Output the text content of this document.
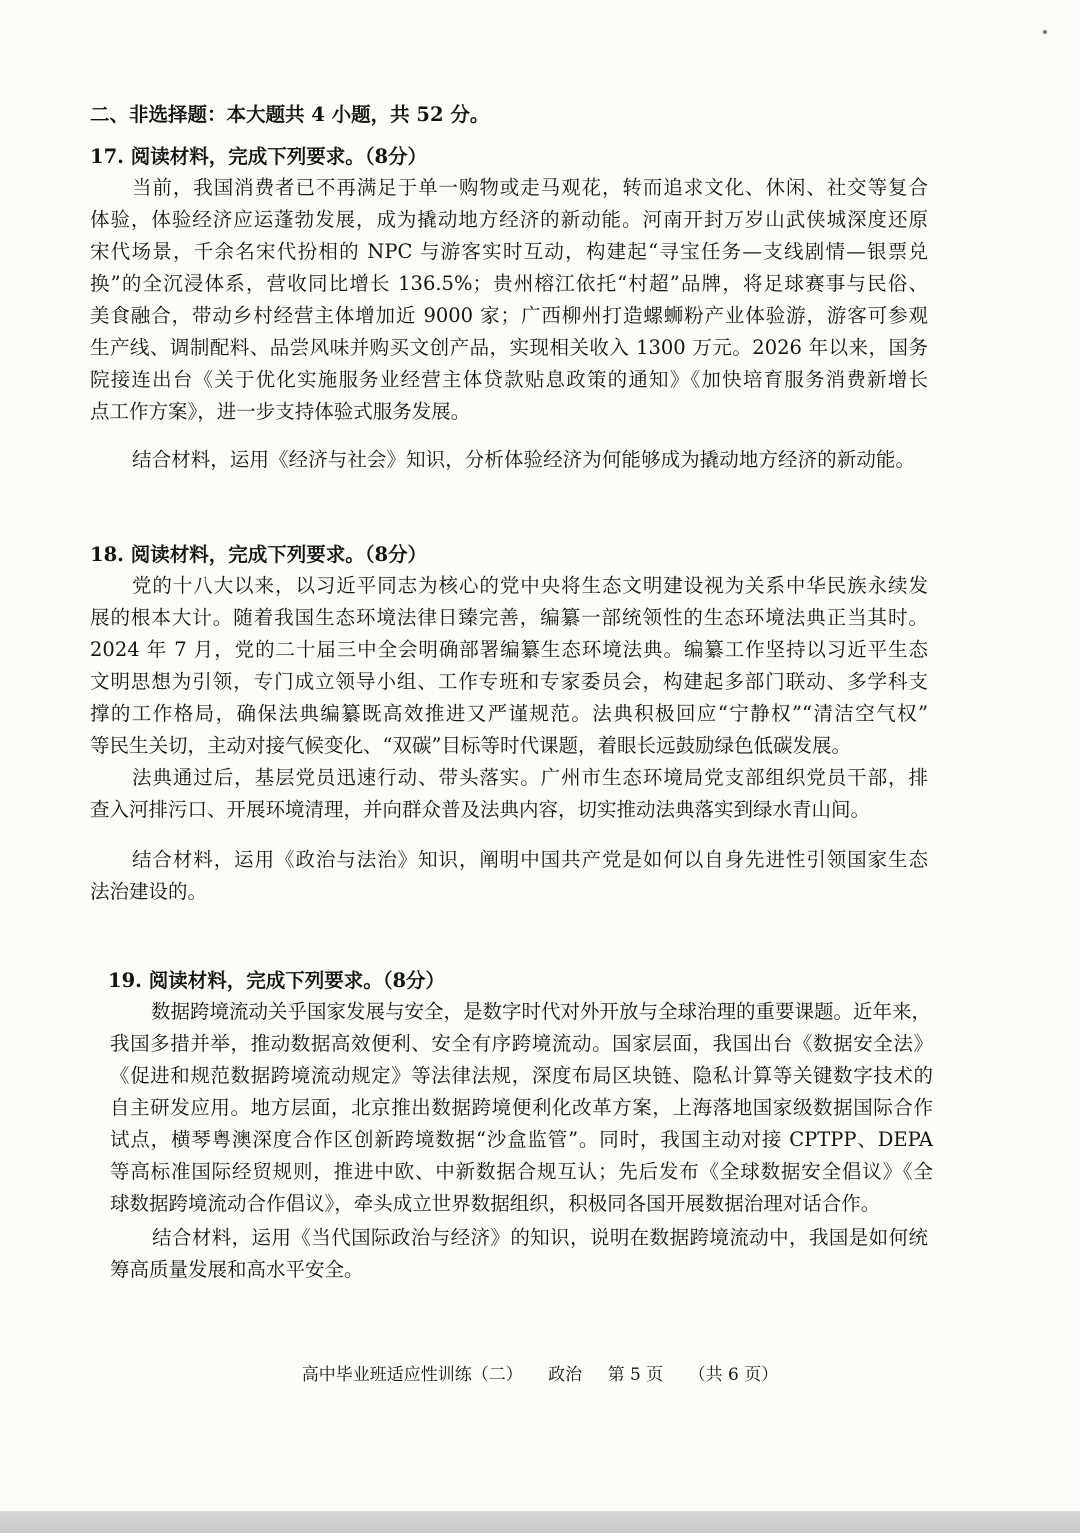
二、非选择题：本大题共 4 小题，共 52 分。
17. 阅读材料，完成下列要求。（8分）
当前，我国消费者已不再满足于单一购物或走马观花，转而追求文化、休闲、社交等复合
体验，体验经济应运蓬勃发展，成为撬动地方经济的新动能。河南开封万岁山武侠城深度还原
宋代场景，千余名宋代扮相的 NPC 与游客实时互动，构建起“寻宝任务—支线剧情—银票兑
换”的全沉浸体系，营收同比增长 136.5%；贵州榕江依托“村超”品牌，将足球赛事与民俗、
美食融合，带动乡村经营主体增加近 9000 家；广西柳州打造螺蛳粉产业体验游，游客可参观
生产线、调制配料、品尝风味并购买文创产品，实现相关收入 1300 万元。2026 年以来，国务
院接连出台《关于优化实施服务业经营主体贷款贴息政策的通知》《加快培育服务消费新增长
点工作方案》，进一步支持体验式服务发展。
结合材料，运用《经济与社会》知识，分析体验经济为何能够成为撬动地方经济的新动能。
18. 阅读材料，完成下列要求。（8分）
党的十八大以来，以习近平同志为核心的党中央将生态文明建设视为关系中华民族永续发
展的根本大计。随着我国生态环境法律日臻完善，编纂一部统领性的生态环境法典正当其时。
2024 年 7 月，党的二十届三中全会明确部署编纂生态环境法典。编纂工作坚持以习近平生态
文明思想为引领，专门成立领导小组、工作专班和专家委员会，构建起多部门联动、多学科支
撑的工作格局，确保法典编纂既高效推进又严谨规范。法典积极回应“宁静权”“清洁空气权”
等民生关切，主动对接气候变化、“双碳”目标等时代课题，着眼长远鼓励绿色低碳发展。
法典通过后，基层党员迅速行动、带头落实。广州市生态环境局党支部组织党员干部，排
查入河排污口、开展环境清理，并向群众普及法典内容，切实推动法典落实到绿水青山间。
结合材料，运用《政治与法治》知识，阐明中国共产党是如何以自身先进性引领国家生态
法治建设的。
19. 阅读材料，完成下列要求。（8分）
数据跨境流动关乎国家发展与安全，是数字时代对外开放与全球治理的重要课题。近年来，
我国多措并举，推动数据高效便利、安全有序跨境流动。国家层面，我国出台《数据安全法》
《促进和规范数据跨境流动规定》等法律法规，深度布局区块链、隐私计算等关键数字技术的
自主研发应用。地方层面，北京推出数据跨境便利化改革方案，上海落地国家级数据国际合作
试点，横琴粤澳深度合作区创新跨境数据“沙盒监管”。同时，我国主动对接 CPTPP、DEPA
等高标准国际经贸规则，推进中欧、中新数据合规互认；先后发布《全球数据安全倡议》《全
球数据跨境流动合作倡议》，牵头成立世界数据组织，积极同各国开展数据治理对话合作。
结合材料，运用《当代国际政治与经济》的知识，说明在数据跨境流动中，我国是如何统
筹高质量发展和高水平安全。
高中毕业班适应性训练（二） 政治 第 5 页 （共 6 页）
